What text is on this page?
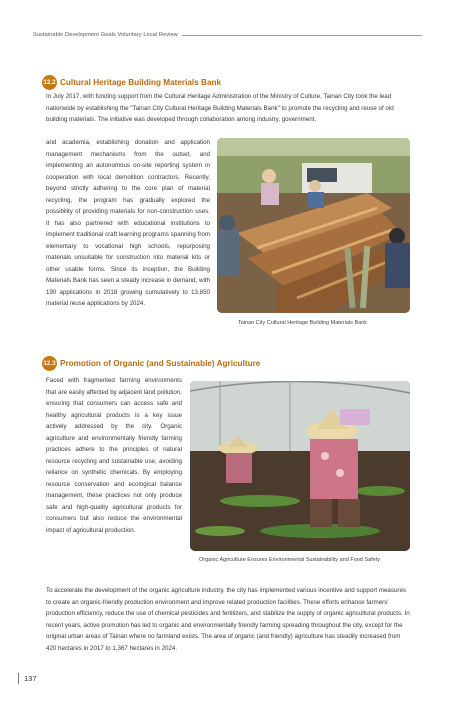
Sustainable Development Goals Voluntary Local Review
12.2 Cultural Heritage Building Materials Bank

In July 2017, with funding support from the Cultural Heritage Administration of the Ministry of Culture, Tainan City took the lead nationwide by establishing the "Tainan City Cultural Heritage Building Materials Bank" to promote the recycling and reuse of old building materials. The initiative was developed through collaboration among industry, government,

and academia, establishing donation and application management mechanisms from the outset, and implementing an autonomous on-site reporting system in cooperation with local demolition contractors. Recently, beyond strictly adhering to the core plan of material recycling, the program has gradually explored the possibility of providing materials for non-construction uses. It has also partnered with educational institutions to implement traditional craft learning programs spanning from elementary to vocational high schools, repurposing materials unsuitable for construction into material kits or other usable forms. Since its inception, the Building Materials Bank has seen a steady increase in demand, with 190 applications in 2018 growing cumulatively to 13,850 material reuse applications by 2024.

Tainan City Cultural Heritage Building Materials Bank
12.3 Promotion of Organic (and Sustainable) Agriculture

Faced with fragmented farming environments that are easily affected by adjacent land pollution, ensuring that consumers can access safe and healthy agricultural products is a key issue actively addressed by the city. Organic agriculture and environmentally friendly farming practices adhere to the principles of natural resource recycling and sustainable use, avoiding reliance on synthetic chemicals. By employing resource conservation and ecological balance management, these practices not only produce safe and high-quality agricultural products for consumers but also reduce the environmental impact of agricultural production.

Organic Agriculture Ensures Environmental Sustainability and Food Safety

To accelerate the development of the organic agriculture industry, the city has implemented various incentive and support measures to create an organic-friendly production environment and improve related production facilities. These efforts enhance farmers' production efficiency, reduce the use of chemical pesticides and fertilizers, and stabilize the supply of organic agricultural products. In recent years, active promotion has led to organic and environmentally friendly farming spreading throughout the city, except for the original urban areas of Tainan where no farmland exists. The area of organic (and friendly) agriculture has steadily increased from 420 hectares in 2017 to 1,367 hectares in 2024.

137
